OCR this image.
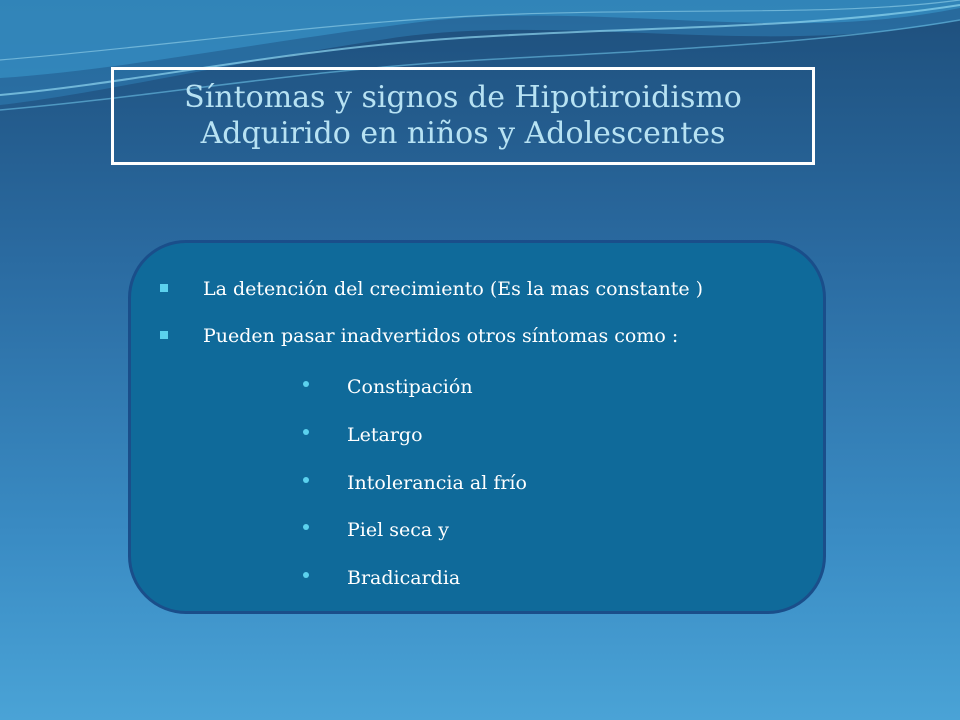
Síntomas y signos de Hipotiroidismo
Adquirido en niños y Adolescentes
La detención del crecimiento (Es la mas constante )
Pueden pasar inadvertidos otros síntomas como :
Constipación
Letargo
Intolerancia al frío
Piel seca y
Bradicardia
